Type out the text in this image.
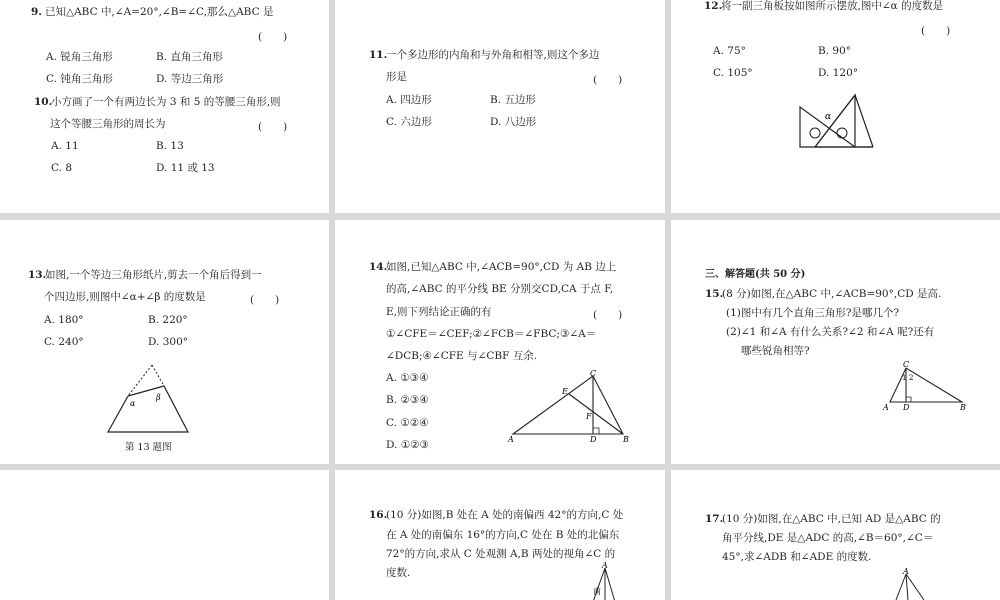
9. 已知△ABC 中,∠A=20°,∠B=∠C,那么△ABC 是
(　　)
A. 锐角三角形	B. 直角三角形
C. 钝角三角形	D. 等边三角形
10.
小方画了一个有两边长为 3 和 5 的等腰三角形,则
这个等腰三角形的周长为	(　　)
A. 11	B. 13
C. 8	D. 11 或 13
11.
一个多边形的内角和与外角和相等,则这个多边
形是	(　　)
A. 四边形	B. 五边形
C. 六边形	D. 八边形
12.
将一副三角板按如图所示摆放,图中∠α 的度数是
(　　)
A. 75°	B. 90°
C. 105°	D. 120°
α
13.
如图,一个等边三角形纸片,剪去一个角后得到一
个四边形,则图中∠α+∠β 的度数是	(　　)
A. 180°	B. 220°
C. 240°	D. 300°
α
β
第 13 题图
14.
如图,已知△ABC 中,∠ACB=90°,CD 为 AB 边上
的高,∠ABC 的平分线 BE 分别交CD,CA 于点 F,
E,则下列结论正确的有	(　　)
①∠CFE＝∠CEF;②∠FCB＝∠FBC;③∠A＝
∠DCB;④∠CFE 与∠CBF 互余.
A. ①③④
B. ②③④
C. ①②④
D. ①②③
C
E
F
A	D	B
三、解答题(共 50 分)
15.
(8 分)如图,在△ABC 中,∠ACB=90°,CD 是高.
(1)图中有几个直角三角形?是哪几个?
(2)∠1 和∠A 有什么关系?∠2 和∠A 呢?还有
哪些锐角相等?
C
1 2
A D	B
16.
(10 分)如图,B 处在 A 处的南偏西 42°的方向,C 处
在 A 处的南偏东 16°的方向,C 处在 B 处的北偏东
72°的方向,求从 C 处观测 A,B 两处的视角∠C 的
度数.
A
南
17.
(10 分)如图,在△ABC 中,已知 AD 是△ABC 的
角平分线,DE 是△ADC 的高,∠B＝60°,∠C＝
45°,求∠ADB 和∠ADE 的度数.
A
